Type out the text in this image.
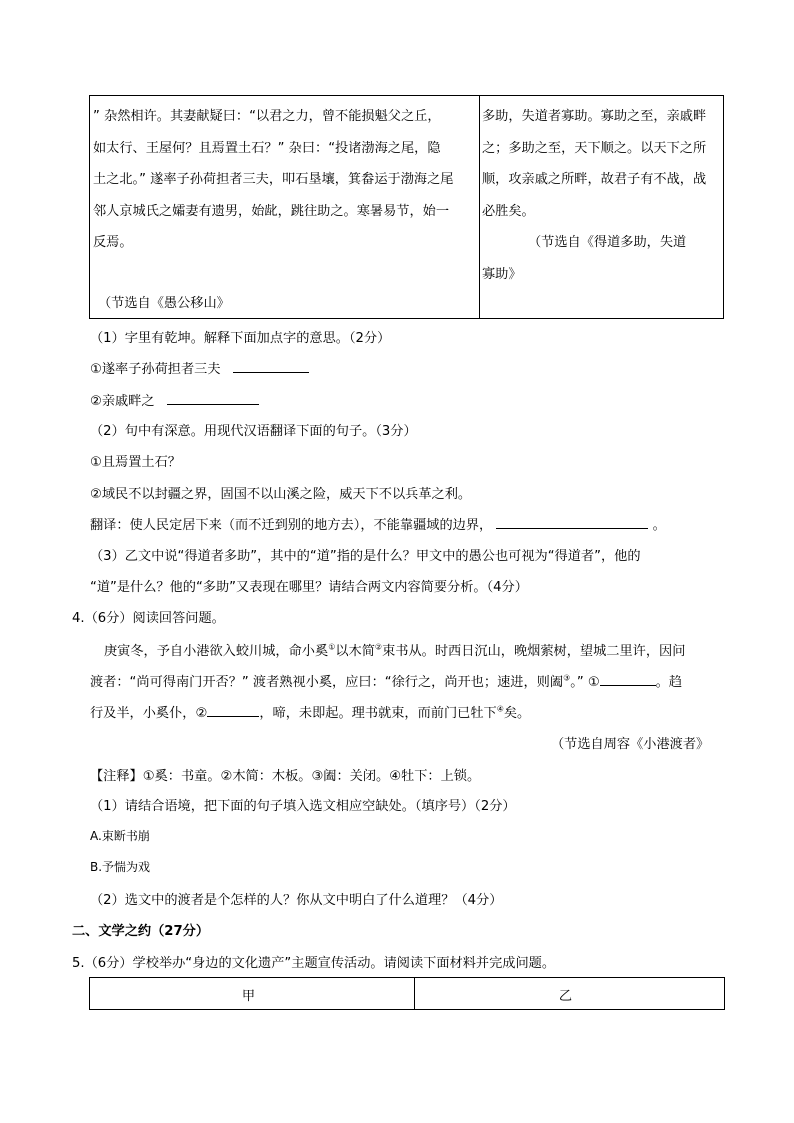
” 杂然相许。其妻献疑曰：“以君之力，曾不能损魁父之丘，
如太行、王屋何？且焉置土石？” 杂曰：“投诸渤海之尾，隐
土之北。” 遂率子孙荷担者三夫，叩石垦壤，箕畚运于渤海之尾
邻人京城氏之孀妻有遗男，始龀，跳往助之。寒暑易节，始一
反焉。
（节选自《愚公移山》
多助，失道者寡助。寡助之至，亲戚畔
之；多助之至，天下顺之。以天下之所
顺，攻亲戚之所畔，故君子有不战，战
必胜矣。
（节选自《得道多助，失道
寡助》
（1）字里有乾坤。解释下面加点字的意思。（2分）
①遂率子孙荷担者三夫
②亲戚畔之
（2）句中有深意。用现代汉语翻译下面的句子。（3分）
①且焉置土石？
②域民不以封疆之界，固国不以山溪之险，威天下不以兵革之利。
翻译：使人民定居下来（而不迁到别的地方去），不能靠疆域的边界，	。
（3）乙文中说“得道者多助”，其中的“道”指的是什么？甲文中的愚公也可视为“得道者”，他的
“道”是什么？他的“多助”又表现在哪里？请结合两文内容简要分析。（4分）
4.（6分）阅读回答问题。
庚寅冬，予自小港欲入蛟川城，命小奚①以木简②束书从。时西日沉山，晚烟萦树，望城二里许，因问
渡者：“尚可得南门开否？” 渡者熟视小奚，应曰：“徐行之，尚开也；速进，则阖③。” ①	。趋
行及半，小奚仆，②	，啼，未即起。理书就束，而前门已牡下④矣。
（节选自周容《小港渡者》
【注释】①奚：书童。②木简：木板。③阖：关闭。④牡下：上锁。
（1）请结合语境，把下面的句子填入选文相应空缺处。（填序号）（2分）
A.束断书崩
B.予惴为戏
（2）选文中的渡者是个怎样的人？你从文中明白了什么道理？（4分）
二、文学之约（27分）
5.（6分）学校举办“身边的文化遗产”主题宣传活动。请阅读下面材料并完成问题。
甲	乙
